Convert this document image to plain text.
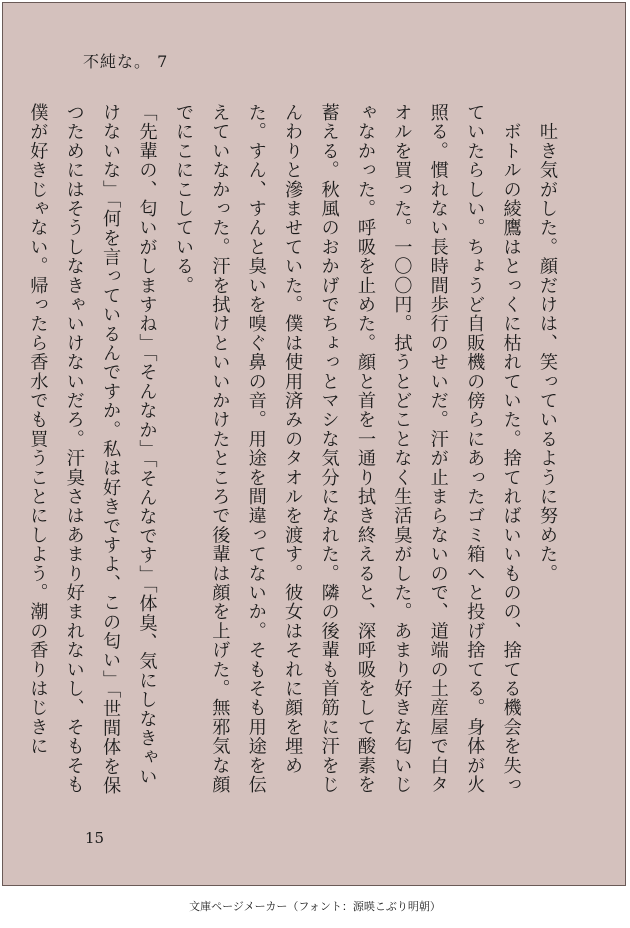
不純な。 7

　吐き気がした。顔だけは、笑っているように努めた。

　ボトルの綾鷹はとっくに枯れていた。捨てればいいものの、捨てる機会を失っていたらしい。ちょうど自販機の傍らにあったゴミ箱へと投げ捨てる。身体が火照る。慣れない長時間歩行のせいだ。汗が止まらないので、道端の土産屋で白タオルを買った。一〇〇円。拭うとどことなく生活臭がした。あまり好きな匂いじゃなかった。呼吸を止めた。顔と首を一通り拭き終えると、深呼吸をして酸素を蓄える。秋風のおかげでちょっとマシな気分になれた。隣の後輩も首筋に汗をじんわりと滲ませていた。僕は使用済みのタオルを渡す。彼女はそれに顔を埋めた。すん、すんと臭いを嗅ぐ鼻の音。用途を間違ってないか。そもそも用途を伝えていなかった。汗を拭けといいかけたところで後輩は顔を上げた。無邪気な顔でにこにこしている。

「先輩の、匂いがしますね」「そんなか」「そんなです」「体臭、気にしなきゃいけないな」「何を言っているんですか。私は好きですよ、この匂い」「世間体を保つためにはそうしなきゃいけないだろ。汗臭さはあまり好まれないし、そもそも僕が好きじゃない。帰ったら香水でも買うことにしよう。潮の香りはじきに

15
文庫ページメーカー（フォント：源暎こぶり明朝）
